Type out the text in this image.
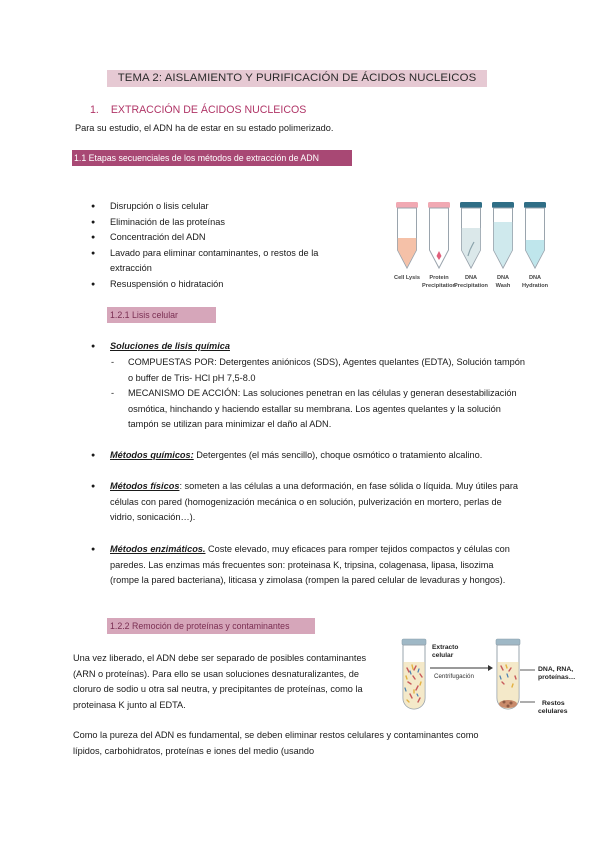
TEMA 2: AISLAMIENTO Y PURIFICACIÓN DE ÁCIDOS NUCLEICOS
1. EXTRACCIÓN DE ÁCIDOS NUCLEICOS
Para su estudio, el ADN ha de estar en su estado polimerizado.
1.1 Etapas secuenciales de los métodos de extracción de ADN
● Disrupción o lisis celular
● Eliminación de las proteínas
● Concentración del ADN
● Lavado para eliminar contaminantes, o restos de la extracción
● Resuspensión o hidratación
Cell Lysis Protein
Precipitation
DNA
Precipitation
DNA
Wash
DNA
Hydration
1.2.1 Lisis celular
● Soluciones de lisis química
- COMPUESTAS POR: Detergentes aniónicos (SDS), Agentes quelantes (EDTA), Solución tampón o buffer de Tris- HCl pH 7,5-8.0
- MECANISMO DE ACCIÓN: Las soluciones penetran en las células y generan desestabilización osmótica, hinchando y haciendo estallar su membrana. Los agentes quelantes y la solución tampón se utilizan para minimizar el daño al ADN.
● Métodos químicos: Detergentes (el más sencillo), choque osmótico o tratamiento alcalino.
● Métodos físicos: someten a las células a una deformación, en fase sólida o líquida. Muy útiles para células con pared (homogenización mecánica o en solución, pulverización en mortero, perlas de vidrio, sonicación…).
● Métodos enzimáticos. Coste elevado, muy eficaces para romper tejidos compactos y células con paredes. Las enzimas más frecuentes son: proteinasa K, tripsina, colagenasa, lipasa, lisozima (rompe la pared bacteriana), liticasa y zimolasa (rompen la pared celular de levaduras y hongos).
1.2.2 Remoción de proteínas y contaminantes
Una vez liberado, el ADN debe ser separado de posibles contaminantes (ARN o proteínas). Para ello se usan soluciones desnaturalizantes, de cloruro de sodio u otra sal neutra, y precipitantes de proteínas, como la proteinasa K junto al EDTA.
Como la pureza del ADN es fundamental, se deben eliminar restos celulares y contaminantes como lípidos, carbohidratos, proteínas e iones del medio (usando
Extracto
celular
Centrifugación
DNA, RNA,
proteínas…
Restos
celulares
